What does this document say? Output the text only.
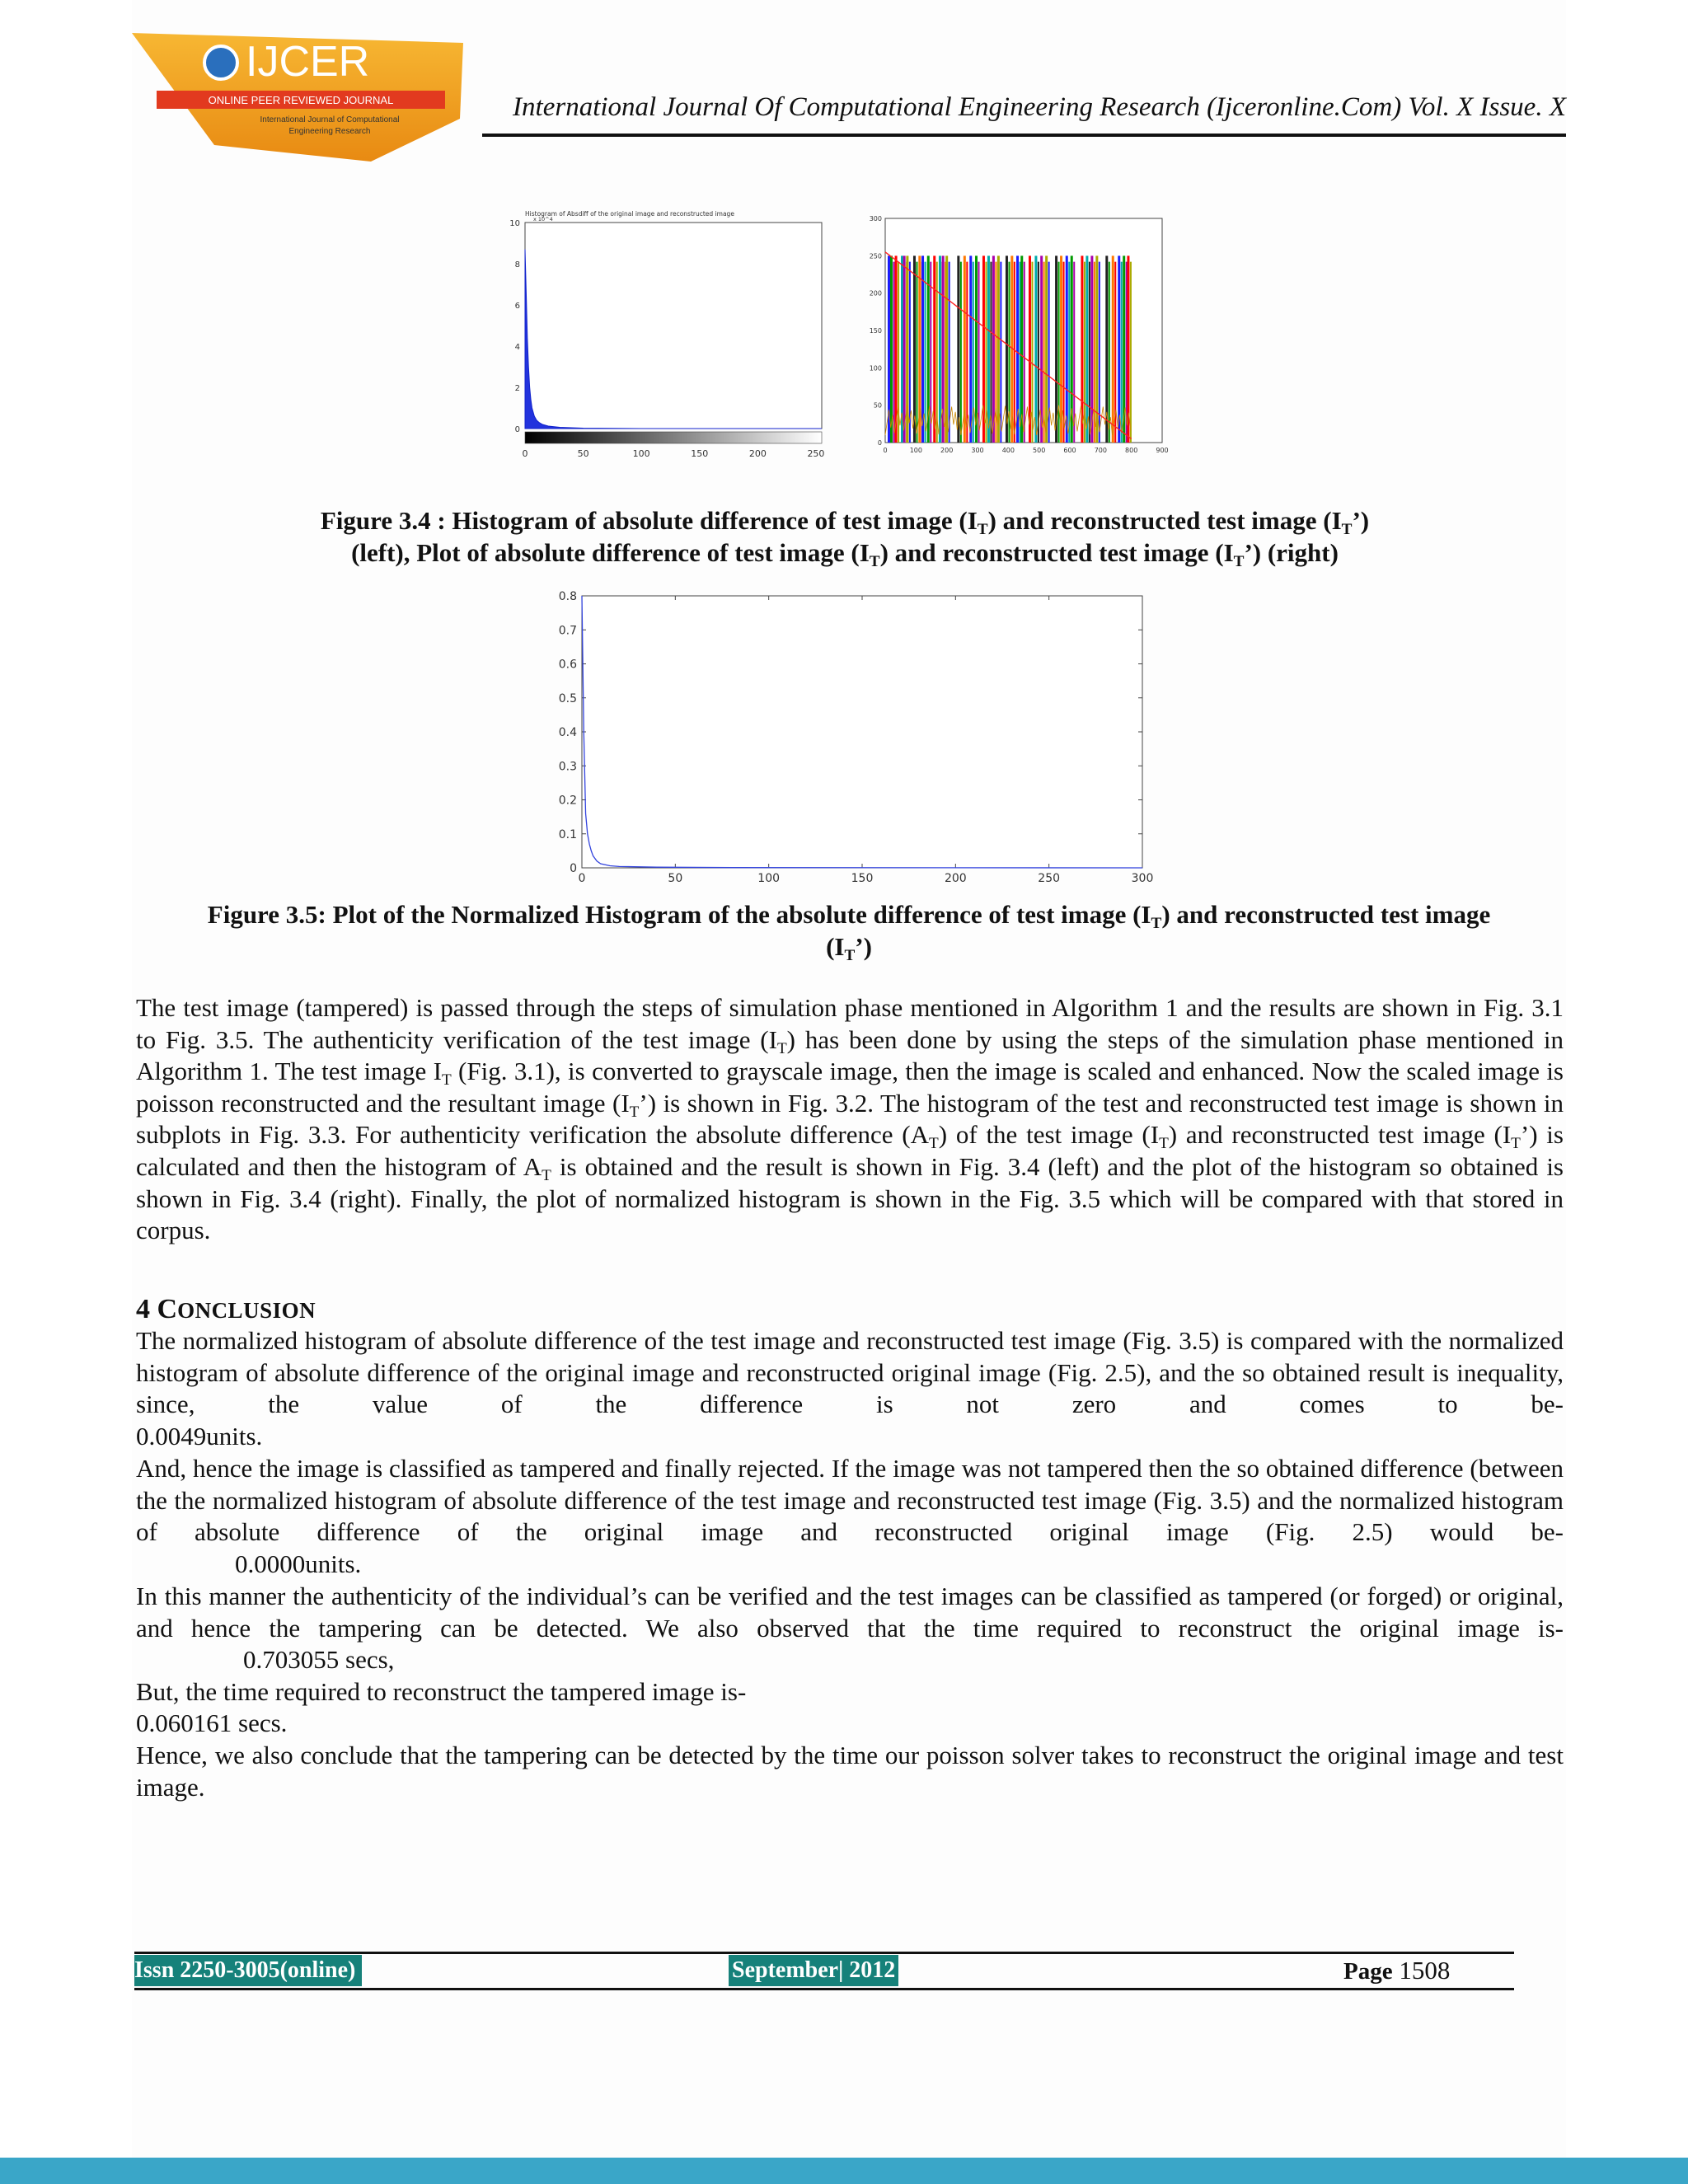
IJCER
ONLINE PEER REVIEWED JOURNAL
International Journal of Computational
Engineering Research
International Journal Of Computational Engineering Research (Ijceronline.Com) Vol. X Issue. X
Histogram of Absdiff of the original image and reconstructed image
x 10^4
0	50	100	150	200	250
0
2
4
6
8
10
0	100	200	300	400	500	600	700	800	900
0
50
100
150
200
250
300
Figure 3.4 : Histogram of absolute difference of test image $(I_T)$ and reconstructed test image $(I_T’)$
(left), Plot of absolute difference of test image $(I_T)$ and reconstructed test image $(I_T’)$ (right)
0	50	100	150	200	250	300
0
0.1
0.2
0.3
0.4
0.5
0.6
0.7
0.8
Figure 3.5: Plot of the Normalized Histogram of the absolute difference of test image $(I_T)$ and reconstructed test image
$(I_T’)$
The test image (tampered) is passed through the steps of simulation phase mentioned in Algorithm 1 and the results are shown in Fig. 3.1 to Fig. 3.5. The authenticity verification of the test image $(I_T)$ has been done by using the steps of the simulation phase mentioned in Algorithm 1. The test image $I_T$ (Fig. 3.1), is converted to grayscale image, then the image is scaled and enhanced. Now the scaled image is poisson reconstructed and the resultant image $(I_T’)$ is shown in Fig. 3.2. The histogram of the test and reconstructed test image is shown in subplots in Fig. 3.3. For authenticity verification the absolute difference $(A_T)$ of the test image $(I_T)$ and reconstructed test image $(I_T’)$ is calculated and then the histogram of $A_T$ is obtained and the result is shown in Fig. 3.4 (left) and the plot of the histogram so obtained is shown in Fig. 3.4 (right). Finally, the plot of normalized histogram is shown in the Fig. 3.5 which will be compared with that stored in corpus.
4 CONCLUSION
The normalized histogram of absolute difference of the test image and reconstructed test image (Fig. 3.5) is compared with the normalized histogram of absolute difference of the original image and reconstructed original image (Fig. 2.5), and the so obtained result is inequality, since, the value of the difference is not zero and comes to be-
0.0049units.
And, hence the image is classified as tampered and finally rejected. If the image was not tampered then the so obtained difference (between the the normalized histogram of absolute difference of the test image and reconstructed test image (Fig. 3.5) and the normalized histogram of absolute difference of the original image and reconstructed original image (Fig. 2.5) would be-
0.0000units.
In this manner the authenticity of the individual’s can be verified and the test images can be classified as tampered (or forged) or original, and hence the tampering can be detected. We also observed that the time required to reconstruct the original image is-
0.703055 secs,
But, the time required to reconstruct the tampered image is-
0.060161 secs.
Hence, we also conclude that the tampering can be detected by the time our poisson solver takes to reconstruct the original image and test image.
Issn 2250-3005(online)	September| 2012	Page 1508
